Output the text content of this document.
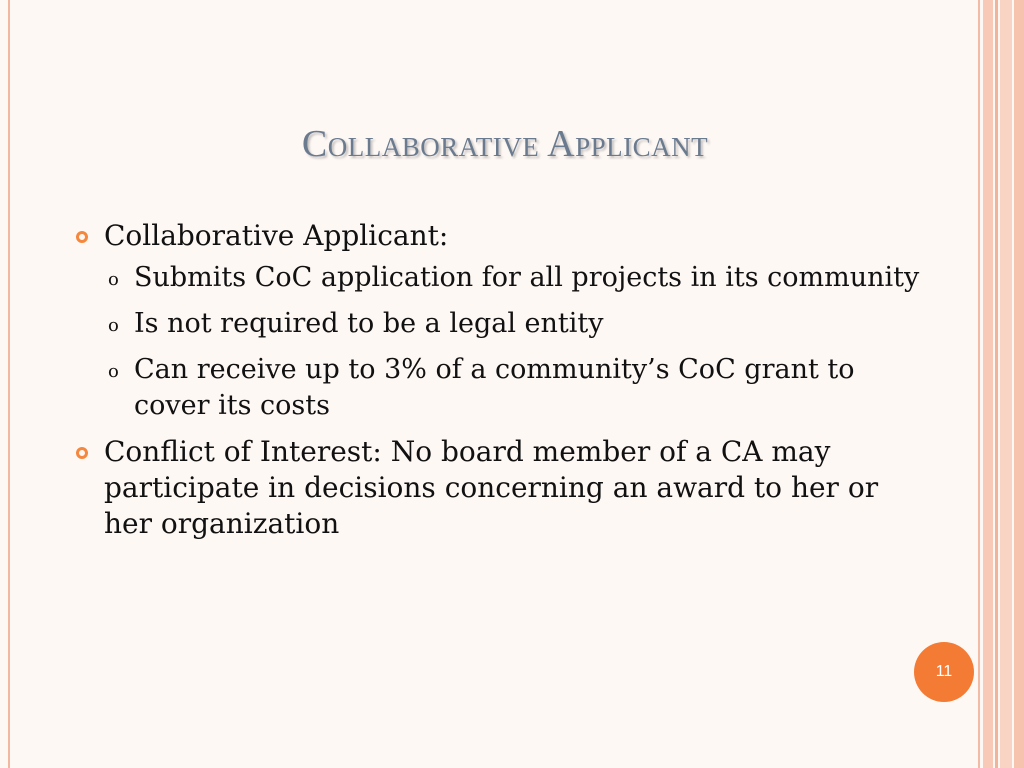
Collaborative Applicant
Collaborative Applicant:
o Submits CoC application for all projects in its community
o Is not required to be a legal entity
o Can receive up to 3% of a community’s CoC grant to cover its costs
Conflict of Interest: No board member of a CA may participate in decisions concerning an award to her or her organization
11
